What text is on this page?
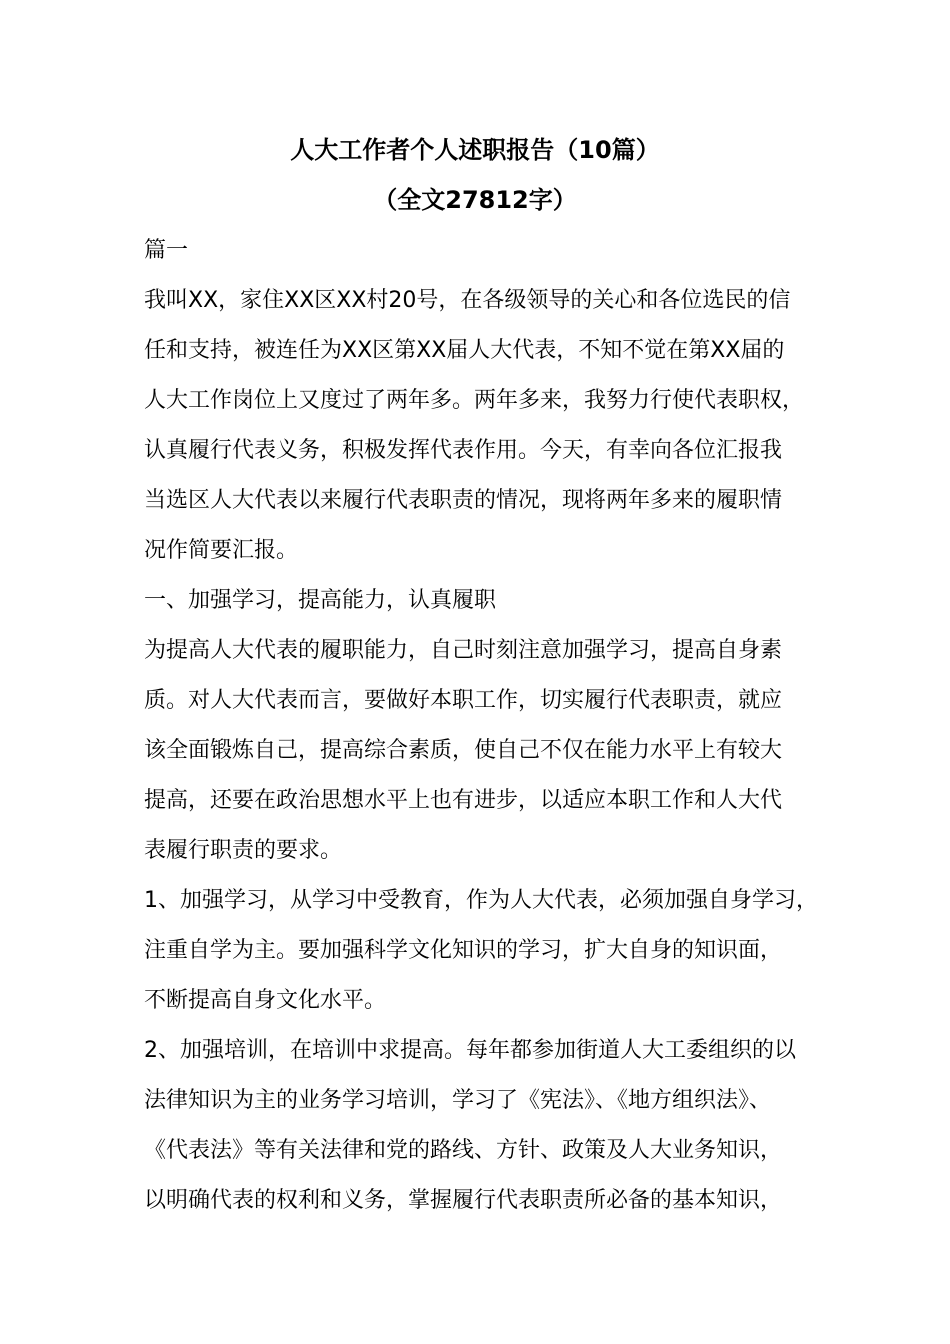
人大工作者个人述职报告（10篇）
（全文27812字）
篇一
我叫XX，家住XX区XX村20号，在各级领导的关心和各位选民的信
任和支持，被连任为XX区第XX届人大代表，不知不觉在第XX届的
人大工作岗位上又度过了两年多。两年多来，我努力行使代表职权，
认真履行代表义务，积极发挥代表作用。今天，有幸向各位汇报我
当选区人大代表以来履行代表职责的情况，现将两年多来的履职情
况作简要汇报。
一、加强学习，提高能力，认真履职
为提高人大代表的履职能力，自己时刻注意加强学习，提高自身素
质。对人大代表而言，要做好本职工作，切实履行代表职责，就应
该全面锻炼自己，提高综合素质，使自己不仅在能力水平上有较大
提高，还要在政治思想水平上也有进步，以适应本职工作和人大代
表履行职责的要求。
1、加强学习，从学习中受教育，作为人大代表，必须加强自身学习，
注重自学为主。要加强科学文化知识的学习，扩大自身的知识面，
不断提高自身文化水平。
2、加强培训，在培训中求提高。每年都参加街道人大工委组织的以
法律知识为主的业务学习培训，学习了《宪法》、《地方组织法》、
《代表法》等有关法律和党的路线、方针、政策及人大业务知识，
以明确代表的权利和义务，掌握履行代表职责所必备的基本知识，
